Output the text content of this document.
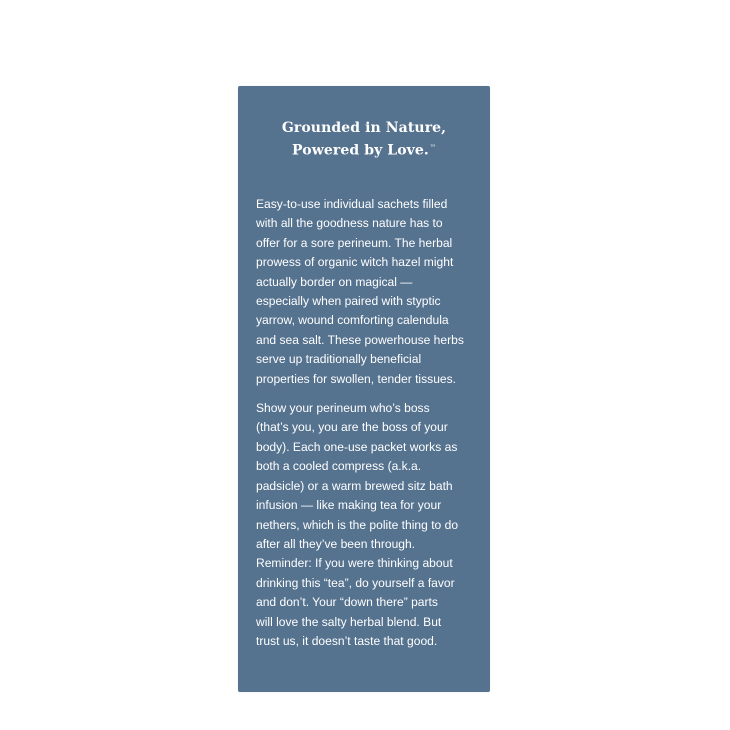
Grounded in Nature,
Powered by Love.™

Easy-to-use individual sachets filled
with all the goodness nature has to
offer for a sore perineum. The herbal
prowess of organic witch hazel might
actually border on magical —
especially when paired with styptic
yarrow, wound comforting calendula
and sea salt. These powerhouse herbs
serve up traditionally beneficial
properties for swollen, tender tissues.

Show your perineum who’s boss
(that’s you, you are the boss of your
body). Each one-use packet works as
both a cooled compress (a.k.a.
padsicle) or a warm brewed sitz bath
infusion — like making tea for your
nethers, which is the polite thing to do
after all they’ve been through.
Reminder: If you were thinking about
drinking this “tea”, do yourself a favor
and don’t. Your “down there” parts
will love the salty herbal blend. But
trust us, it doesn’t taste that good.
